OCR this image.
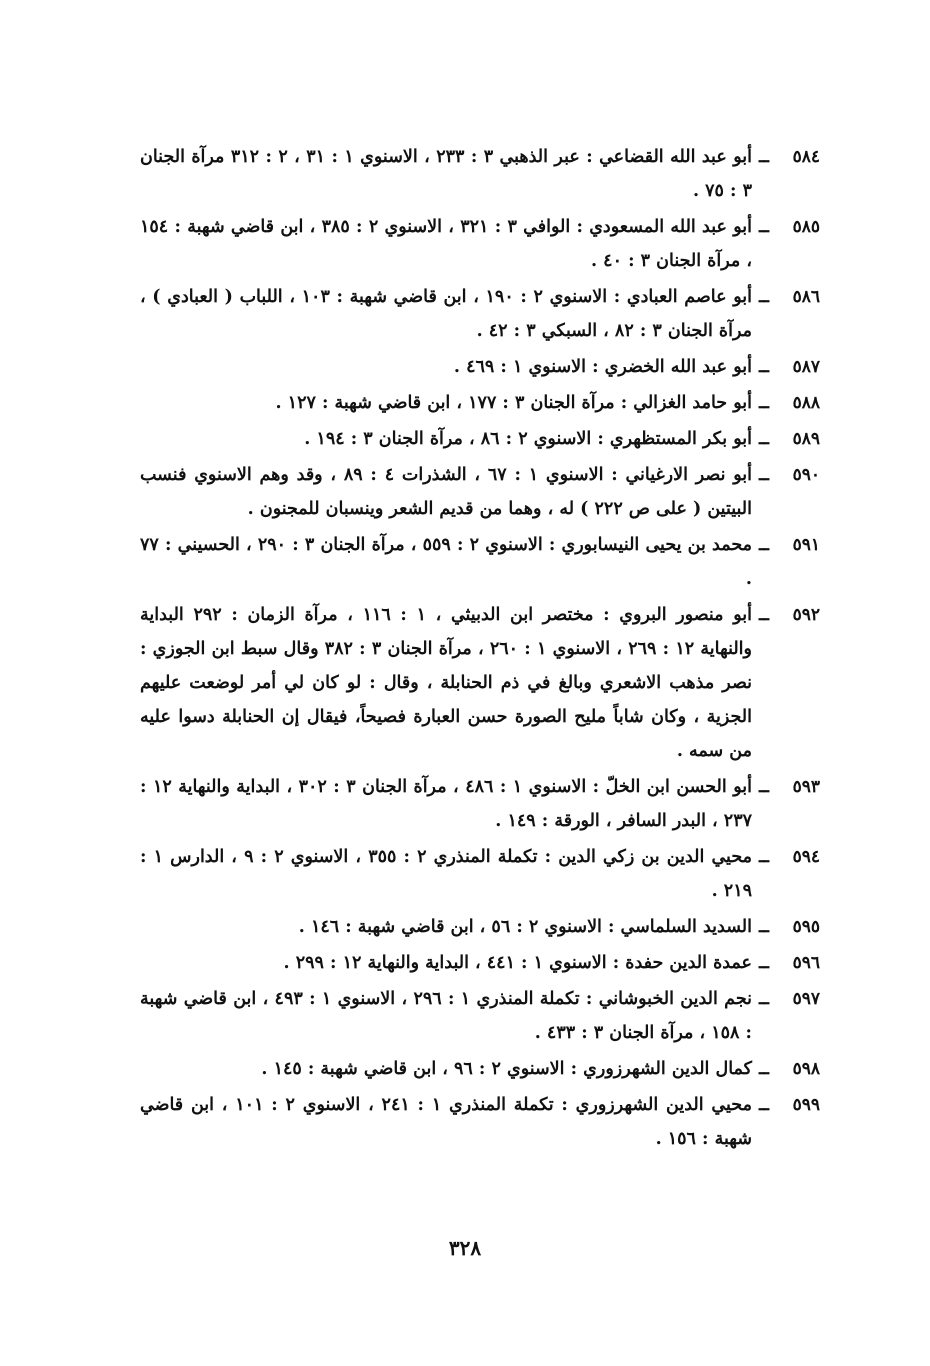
٥٨٤
ــ
أبو عبد الله القضاعي : عبر الذهبي ٣ : ٢٣٣ ، الاسنوي ١ : ٣١ ، ٢ : ٣١٢ مرآة الجنان ٣ : ٧٥ .
٥٨٥
ــ
أبو عبد الله المسعودي : الوافي ٣ : ٣٢١ ، الاسنوي ٢ : ٣٨٥ ، ابن قاضي شهبة : ١٥٤ ، مرآة الجنان ٣ : ٤٠ .
٥٨٦
ــ
أبو عاصم العبادي : الاسنوي ٢ : ١٩٠ ، ابن قاضي شهبة : ١٠٣ ، اللباب ( العبادي ) ، مرآة الجنان ٣ : ٨٢ ، السبكي ٣ : ٤٢ .
٥٨٧
ــ
أبو عبد الله الخضري : الاسنوي ١ : ٤٦٩ .
٥٨٨
ــ
أبو حامد الغزالي : مرآة الجنان ٣ : ١٧٧ ، ابن قاضي شهبة : ١٢٧ .
٥٨٩
ــ
أبو بكر المستظهري : الاسنوي ٢ : ٨٦ ، مرآة الجنان ٣ : ١٩٤ .
٥٩٠
ــ
أبو نصر الارغياني : الاسنوي ١ : ٦٧ ، الشذرات ٤ : ٨٩ ، وقد وهم الاسنوي فنسب البيتين ( على ص ٢٢٢ ) له ، وهما من قديم الشعر وينسبان للمجنون .
٥٩١
ــ
محمد بن يحيى النيسابوري : الاسنوي ٢ : ٥٥٩ ، مرآة الجنان ٣ : ٢٩٠ ، الحسيني : ٧٧ .
٥٩٢
ــ
أبو منصور البروي : مختصر ابن الدبيثي ، ١ : ١١٦ ، مرآة الزمان : ٢٩٢ البداية والنهاية ١٢ : ٢٦٩ ، الاسنوي ١ : ٢٦٠ ، مرآة الجنان ٣ : ٣٨٢ وقال سبط ابن الجوزي : نصر مذهب الاشعري وبالغ في ذم الحنابلة ، وقال : لو كان لي أمر لوضعت عليهم الجزية ، وكان شاباً مليح الصورة حسن العبارة فصيحاً، فيقال إن الحنابلة دسوا عليه من سمه .
٥٩٣
ــ
أبو الحسن ابن الخلّ : الاسنوي ١ : ٤٨٦ ، مرآة الجنان ٣ : ٣٠٢ ، البداية والنهاية ١٢ : ٢٣٧ ، البدر السافر ، الورقة : ١٤٩ .
٥٩٤
ــ
محيي الدين بن زكي الدين : تكملة المنذري ٢ : ٣٥٥ ، الاسنوي ٢ : ٩ ، الدارس ١ : ٢١٩ .
٥٩٥
ــ
السديد السلماسي : الاسنوي ٢ : ٥٦ ، ابن قاضي شهبة : ١٤٦ .
٥٩٦
ــ
عمدة الدين حفدة : الاسنوي ١ : ٤٤١ ، البداية والنهاية ١٢ : ٢٩٩ .
٥٩٧
ــ
نجم الدين الخبوشاني : تكملة المنذري ١ : ٢٩٦ ، الاسنوي ١ : ٤٩٣ ، ابن قاضي شهبة : ١٥٨ ، مرآة الجنان ٣ : ٤٣٣ .
٥٩٨
ــ
كمال الدين الشهرزوري : الاسنوي ٢ : ٩٦ ، ابن قاضي شهبة : ١٤٥ .
٥٩٩
ــ
محيي الدين الشهرزوري : تكملة المنذري ١ : ٢٤١ ، الاسنوي ٢ : ١٠١ ، ابن قاضي شهبة : ١٥٦ .
٣٢٨
